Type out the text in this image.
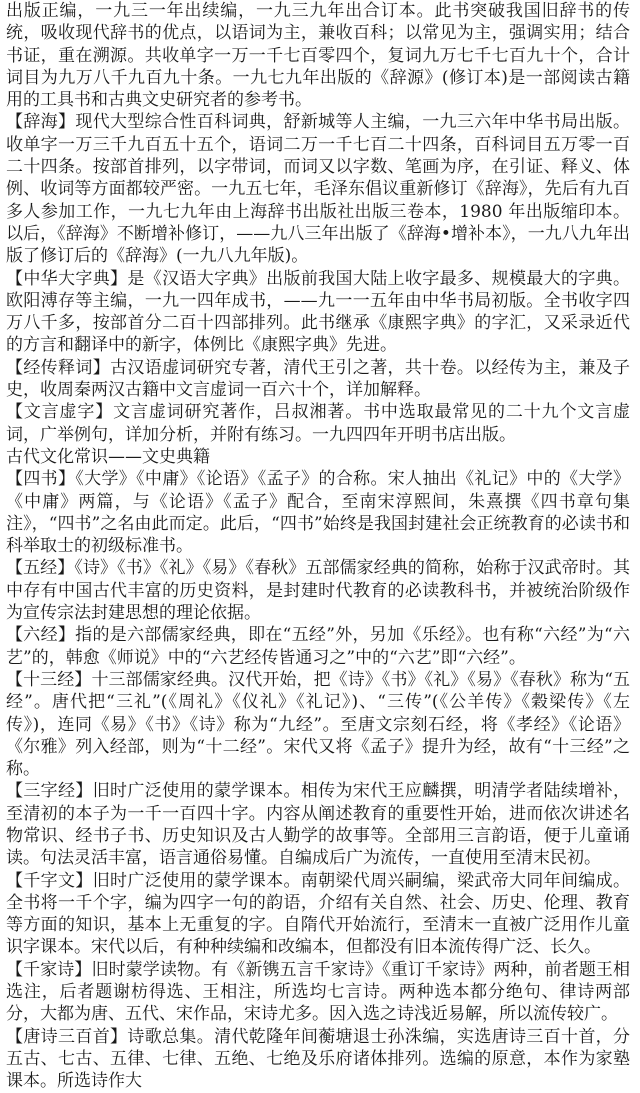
出版正编，一九三一年出续编，一九三九年出合订本。此书突破我国旧辞书的传统，吸收现代辞书的优点，以语词为主，兼收百科；以常见为主，强调实用；结合书证，重在溯源。共收单字一万一千七百零四个，复词九万七千七百九十个，合计词目为九万八千九百九十条。一九七九年出版的《辞源》(修订本)是一部阅读古籍用的工具书和古典文史研究者的参考书。

【辞海】现代大型综合性百科词典，舒新城等人主编，一九三六年中华书局出版。收单字一万三千九百五十五个，语词二万一千七百二十四条，百科词目五万零一百二十四条。按部首排列，以字带词，而词又以字数、笔画为序，在引证、释义、体例、收词等方面都较严密。一九五七年，毛泽东倡议重新修订《辞海》，先后有九百多人参加工作，一九七九年由上海辞书出版社出版三卷本，1980 年出版缩印本。以后，《辞海》不断增补修订，——九八三年出版了《辞海•增补本》，一九八九年出版了修订后的《辞海》(一九八九年版)。

【中华大字典】是《汉语大字典》出版前我国大陆上收字最多、规模最大的字典。欧阳溥存等主编，一九一四年成书，——九一一五年由中华书局初版。全书收字四万八千多，按部首分二百十四部排列。此书继承《康熙字典》的字汇，又采录近代的方言和翻译中的新字，体例比《康熙字典》先进。

【经传释词】古汉语虚词研究专著，清代王引之著，共十卷。以经传为主，兼及子史，收周秦两汉古籍中文言虚词一百六十个，详加解释。

【文言虚字】文言虚词研究著作，吕叔湘著。书中选取最常见的二十九个文言虚词，广举例句，详加分析，并附有练习。一九四四年开明书店出版。

古代文化常识——文史典籍

【四书】《大学》《中庸》《论语》《孟子》的合称。宋人抽出《礼记》中的《大学》《中庸》两篇，与《论语》《孟子》配合，至南宋淳熙间，朱熹撰《四书章句集注》，“四书”之名由此而定。此后，“四书”始终是我国封建社会正统教育的必读书和科举取士的初级标准书。

【五经】《诗》《书》《礼》《易》《春秋》五部儒家经典的简称，始称于汉武帝时。其中存有中国古代丰富的历史资料，是封建时代教育的必读教科书，并被统治阶级作为宣传宗法封建思想的理论依据。

【六经】指的是六部儒家经典，即在“五经”外，另加《乐经》。也有称“六经”为“六艺”的，韩愈《师说》中的“六艺经传皆通习之”中的“六艺”即“六经”。

【十三经】十三部儒家经典。汉代开始，把《诗》《书》《礼》《易》《春秋》称为“五经”。唐代把“三礼”(《周礼》《仪礼》《礼记》)、“三传”(《公羊传》《穀梁传》《左传》)，连同《易》《书》《诗》称为“九经”。至唐文宗刻石经，将《孝经》《论语》《尔雅》列入经部，则为“十二经”。宋代又将《孟子》提升为经，故有“十三经”之称。

【三字经】旧时广泛使用的蒙学课本。相传为宋代王应麟撰，明清学者陆续增补，至清初的本子为一千一百四十字。内容从阐述教育的重要性开始，进而依次讲述名物常识、经书子书、历史知识及古人勤学的故事等。全部用三言韵语，便于儿童诵读。句法灵活丰富，语言通俗易懂。自编成后广为流传，一直使用至清末民初。

【千字文】旧时广泛使用的蒙学课本。南朝梁代周兴嗣编，梁武帝大同年间编成。全书将一千个字，编为四字一句的韵语，介绍有关自然、社会、历史、伦理、教育等方面的知识，基本上无重复的字。自隋代开始流行，至清末一直被广泛用作儿童识字课本。宋代以后，有种种续编和改编本，但都没有旧本流传得广泛、长久。

【千家诗】旧时蒙学读物。有《新镌五言千家诗》《重订千家诗》两种，前者题王相选注，后者题谢枋得选、王相注，所选均七言诗。两种选本都分绝句、律诗两部分，大都为唐、五代、宋作品，宋诗尤多。因入选之诗浅近易解，所以流传较广。

【唐诗三百首】诗歌总集。清代乾隆年间蘅塘退士孙洙编，实选唐诗三百十首，分五古、七古、五律、七律、五绝、七绝及乐府诸体排列。选编的原意，本作为家塾课本。所选诗作大
